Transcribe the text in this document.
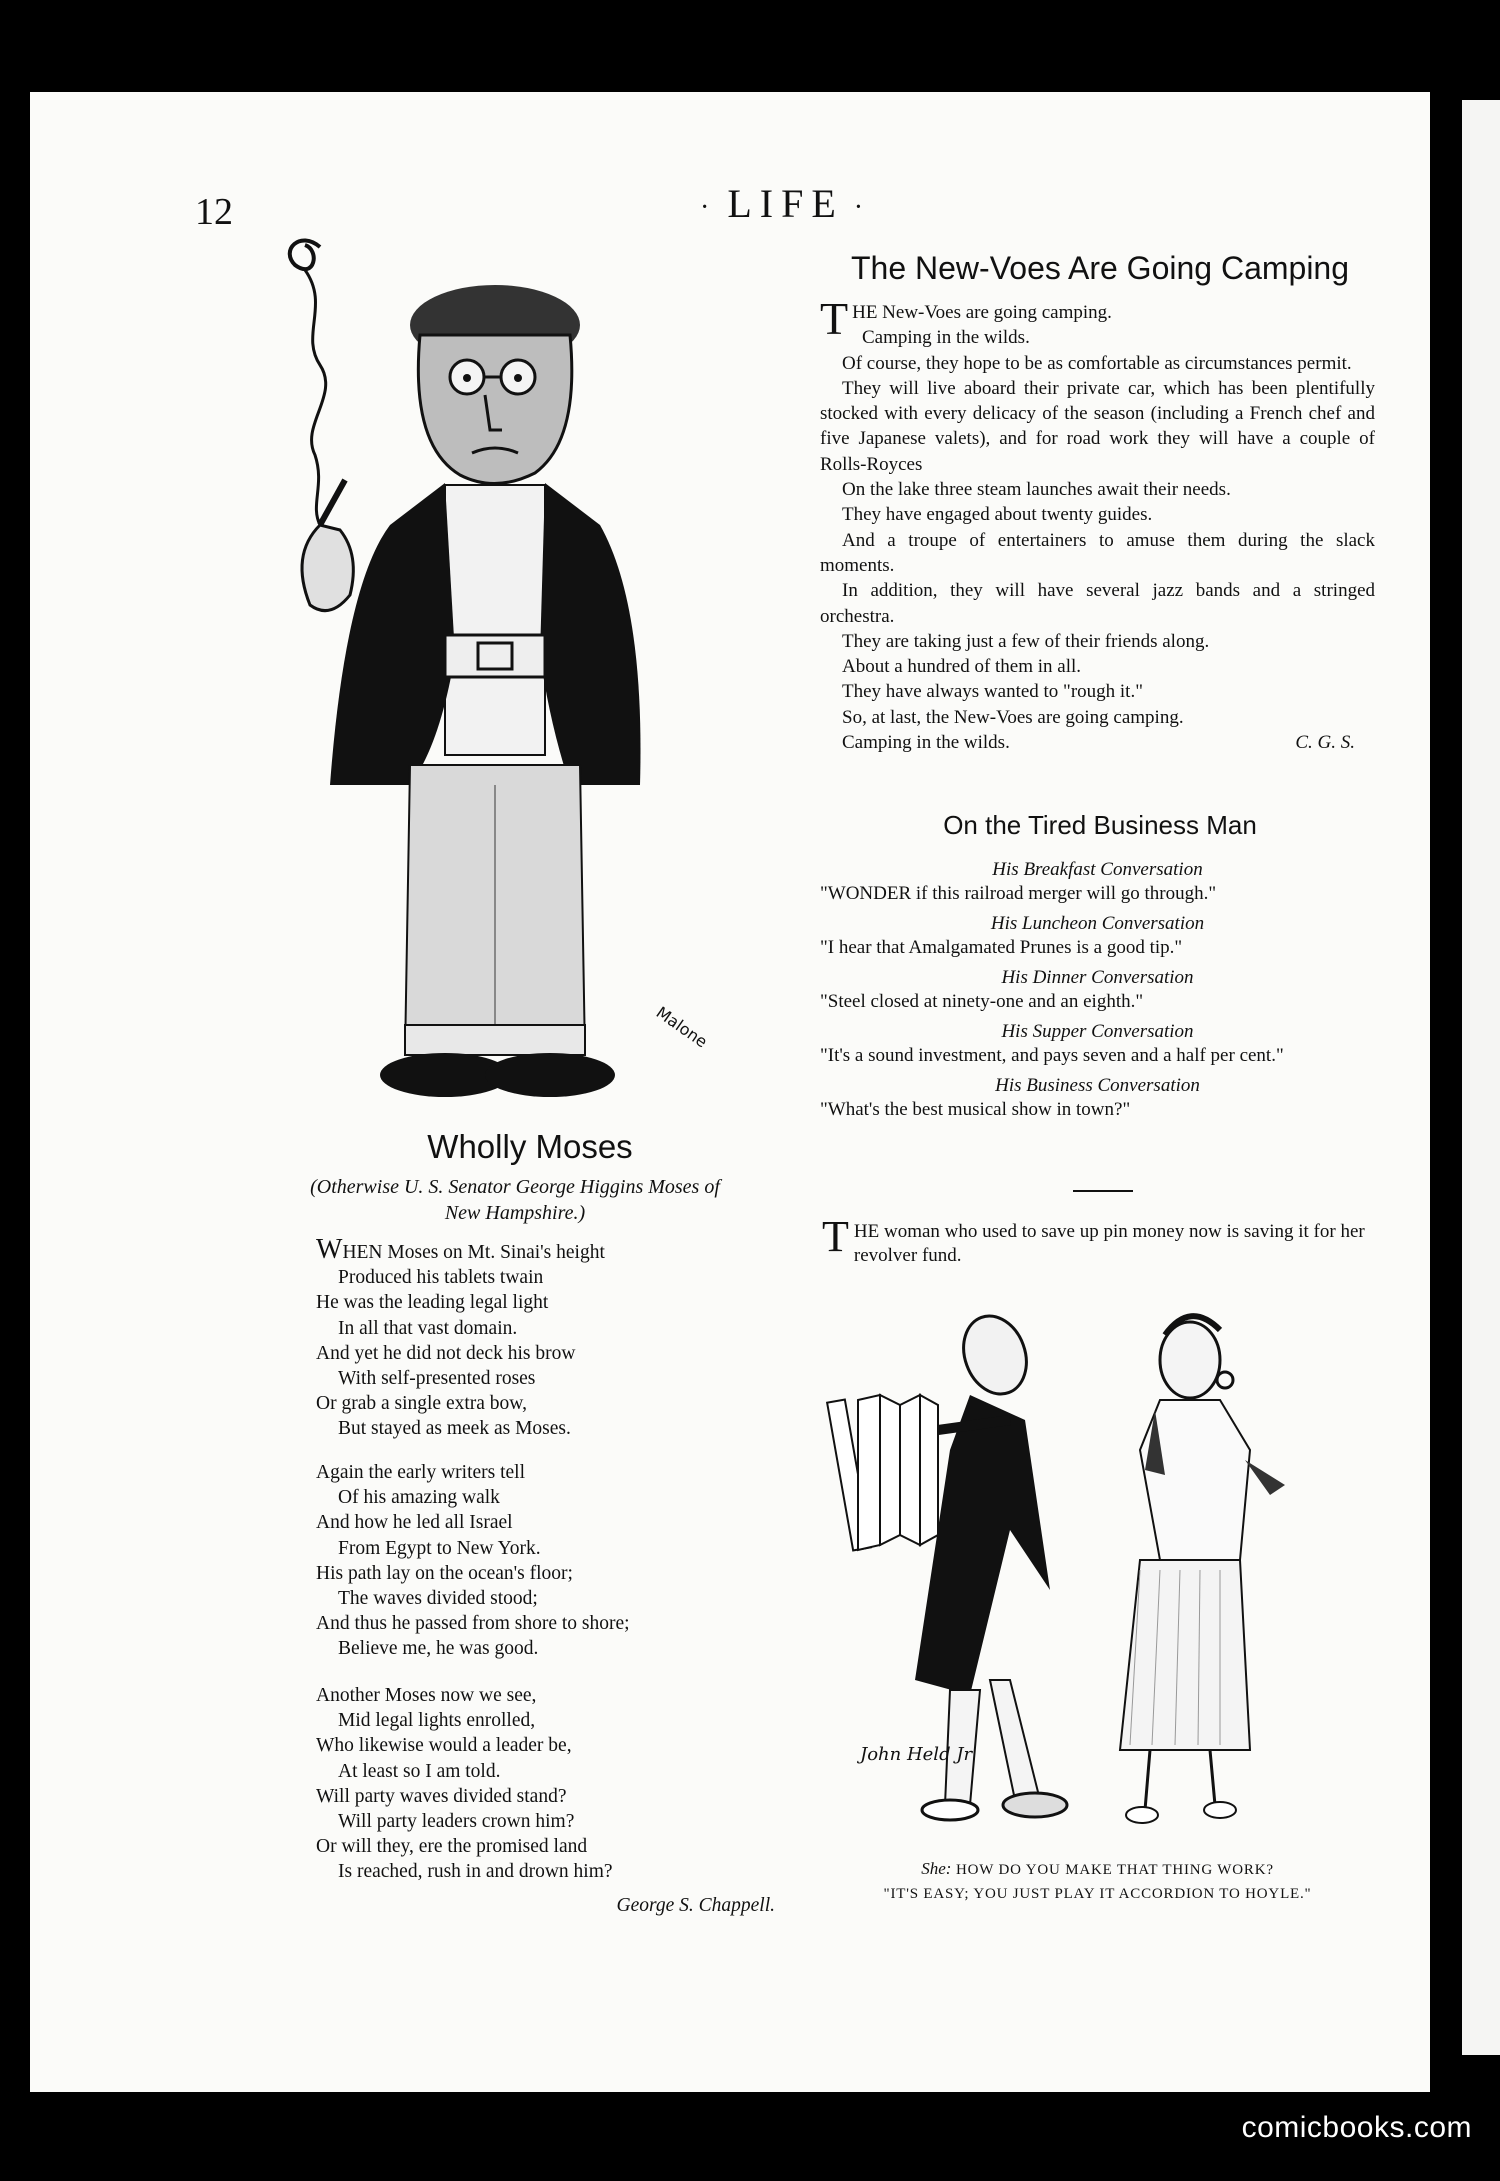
comicbooks.com
12	· LIFE ·
Malone
Wholly Moses
(Otherwise U. S. Senator George Higgins Moses of
New Hampshire.)
WHEN Moses on Mt. Sinai's height
Produced his tablets twain
He was the leading legal light
In all that vast domain.
And yet he did not deck his brow
With self-presented roses
Or grab a single extra bow,
But stayed as meek as Moses.
Again the early writers tell
Of his amazing walk
And how he led all Israel
From Egypt to New York.
His path lay on the ocean's floor;
The waves divided stood;
And thus he passed from shore to shore;
Believe me, he was good.
Another Moses now we see,
Mid legal lights enrolled,
Who likewise would a leader be,
At least so I am told.
Will party waves divided stand?
Will party leaders crown him?
Or will they, ere the promised land
Is reached, rush in and drown him?
George S. Chappell.
The New-Voes Are Going Camping

THE New-Voes are going camping.

Camping in the wilds.

Of course, they hope to be as comfortable as circumstances permit.

They will live aboard their private car, which has been plentifully stocked with every delicacy of the season (including a French chef and five Japanese valets), and for road work they will have a couple of Rolls-Royces

On the lake three steam launches await their needs.

They have engaged about twenty guides.

And a troupe of entertainers to amuse them during the slack moments.

In addition, they will have several jazz bands and a stringed orchestra.

They are taking just a few of their friends along.

About a hundred of them in all.

They have always wanted to "rough it."

So, at last, the New-Voes are going camping.

Camping in the wilds.	C. G. S.

On the Tired Business Man
His Breakfast Conversation
"WONDER if this railroad merger will go through."
His Luncheon Conversation
"I hear that Amalgamated Prunes is a good tip."
His Dinner Conversation
"Steel closed at ninety-one and an eighth."
His Supper Conversation
"It's a sound investment, and pays seven and a half per cent."
His Business Conversation
"What's the best musical show in town?"
THE woman who used to save up pin money now is saving it for her revolver fund.
John Held Jr
She: HOW DO YOU MAKE THAT THING WORK?
"IT'S EASY; YOU JUST PLAY IT ACCORDION TO HOYLE."
